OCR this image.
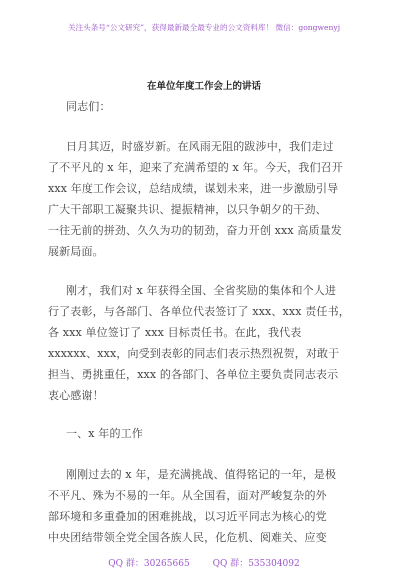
关注头条号“公文研究”，获得最新最全最专业的公文资料库！ 微信：gongwenyj
在单位年度工作会上的讲话
同志们：
日月其迈，时盛岁新。在风雨无阻的跋涉中，我们走过
了不平凡的 x 年，迎来了充满希望的 x 年。今天，我们召开
xxx 年度工作会议，总结成绩，谋划未来，进一步激励引导
广大干部职工凝聚共识、提振精神，以只争朝夕的干劲、
一往无前的拼劲、久久为功的韧劲，奋力开创 xxx 高质量发
展新局面。
刚才，我们对 x 年获得全国、全省奖励的集体和个人进
行了表彰，与各部门、各单位代表签订了 xxx、xxx 责任书，
各 xxx 单位签订了 xxx 目标责任书。在此，我代表
xxxxxx、xxx，向受到表彰的同志们表示热烈祝贺，对敢于
担当、勇挑重任，xxx 的各部门、各单位主要负责同志表示
衷心感谢！
一、x 年的工作
刚刚过去的 x 年，是充满挑战、值得铭记的一年，是极
不平凡、殊为不易的一年。从全国看，面对严峻复杂的外
部环境和多重叠加的困难挑战，以习近平同志为核心的党
中央团结带领全党全国各族人民，化危机、阅难关、应变
QQ 群：30265665	QQ 群：535304092
